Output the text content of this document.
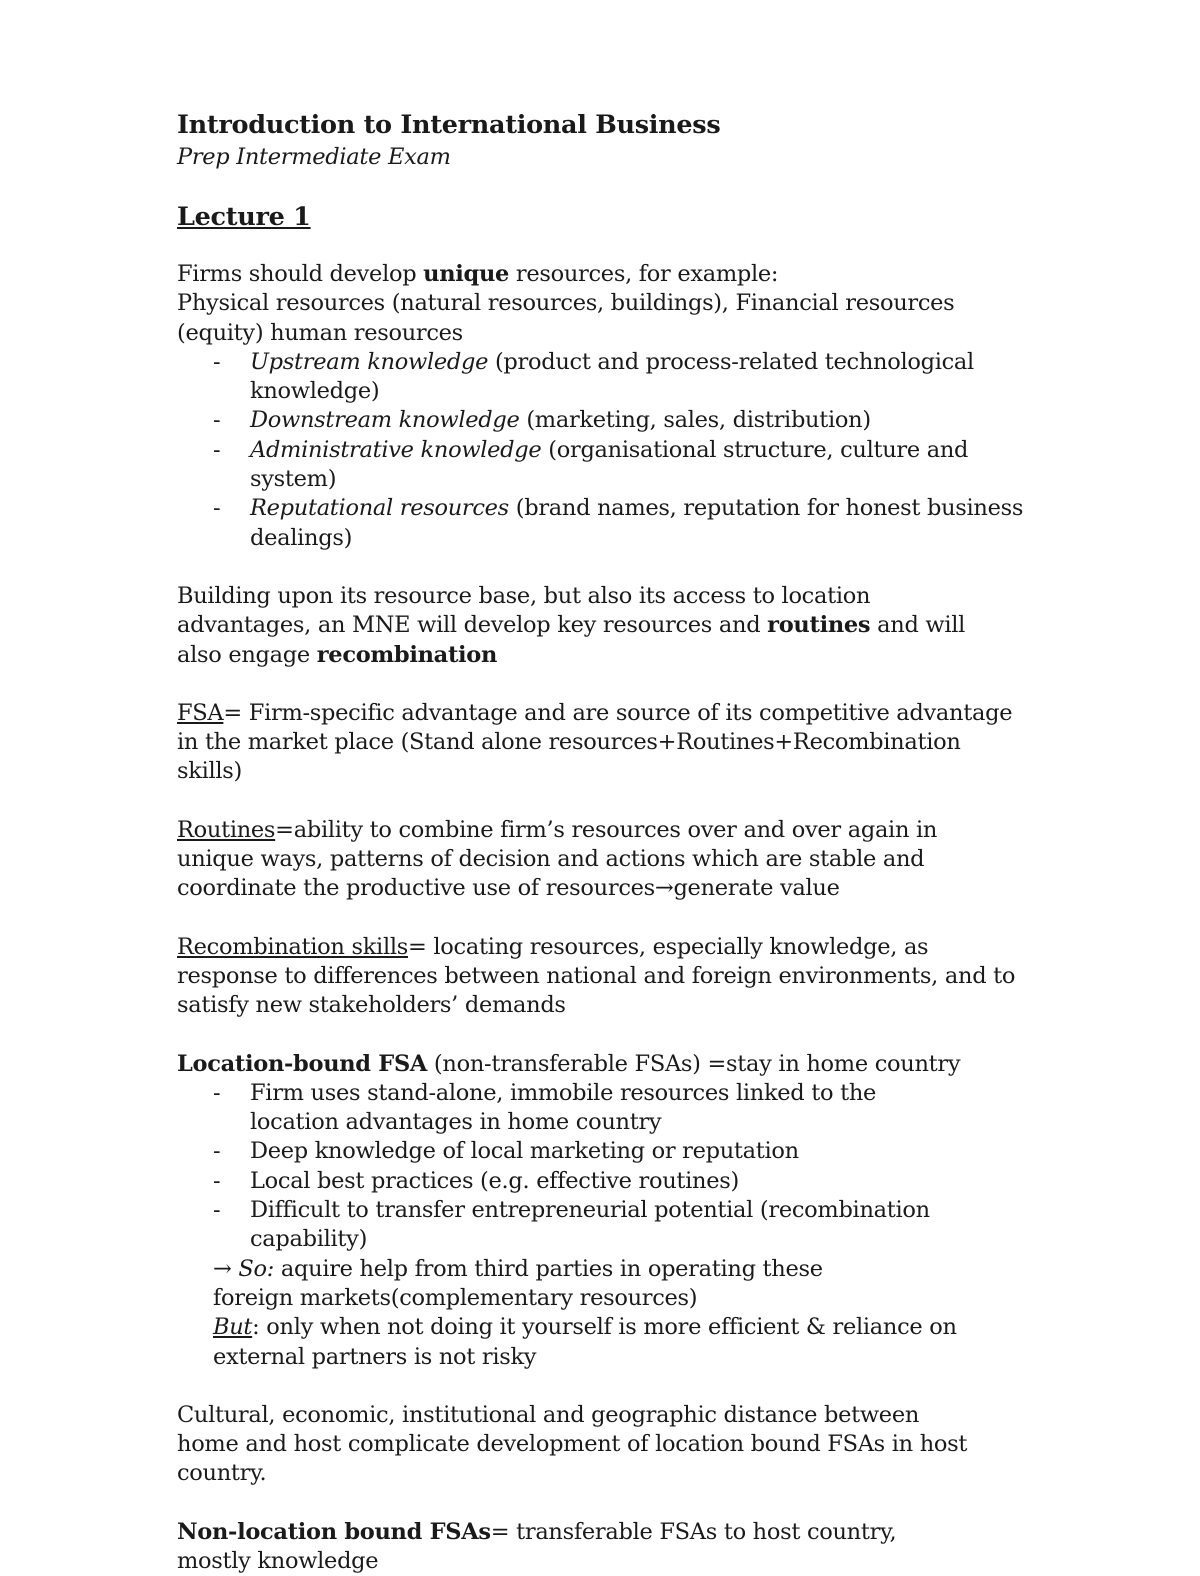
Introduction to International Business

Prep Intermediate Exam

Lecture 1

Firms should develop unique resources, for example:

Physical resources (natural resources, buildings), Financial resources (equity) human resources

- Upstream knowledge (product and process-related technological knowledge)
- Downstream knowledge (marketing, sales, distribution)
- Administrative knowledge (organisational structure, culture and system)
- Reputational resources (brand names, reputation for honest business dealings)

Building upon its resource base, but also its access to location advantages, an MNE will develop key resources and routines and will also engage recombination

FSA= Firm-specific advantage and are source of its competitive advantage in the market place (Stand alone resources+Routines+Recombination skills)

Routines=ability to combine firm’s resources over and over again in unique ways, patterns of decision and actions which are stable and coordinate the productive use of resources→generate value

Recombination skills= locating resources, especially knowledge, as response to differences between national and foreign environments, and to satisfy new stakeholders’ demands

Location-bound FSA (non-transferable FSAs) =stay in home country

- Firm uses stand-alone, immobile resources linked to the location advantages in home country
- Deep knowledge of local marketing or reputation
- Local best practices (e.g. effective routines)
- Difficult to transfer entrepreneurial potential (recombination capability)

→ So: aquire help from third parties in operating these foreign markets(complementary resources)

But: only when not doing it yourself is more efficient & reliance on external partners is not risky

Cultural, economic, institutional and geographic distance between home and host complicate development of location bound FSAs in host country.

Non-location bound FSAs= transferable FSAs to host country, mostly knowledge
